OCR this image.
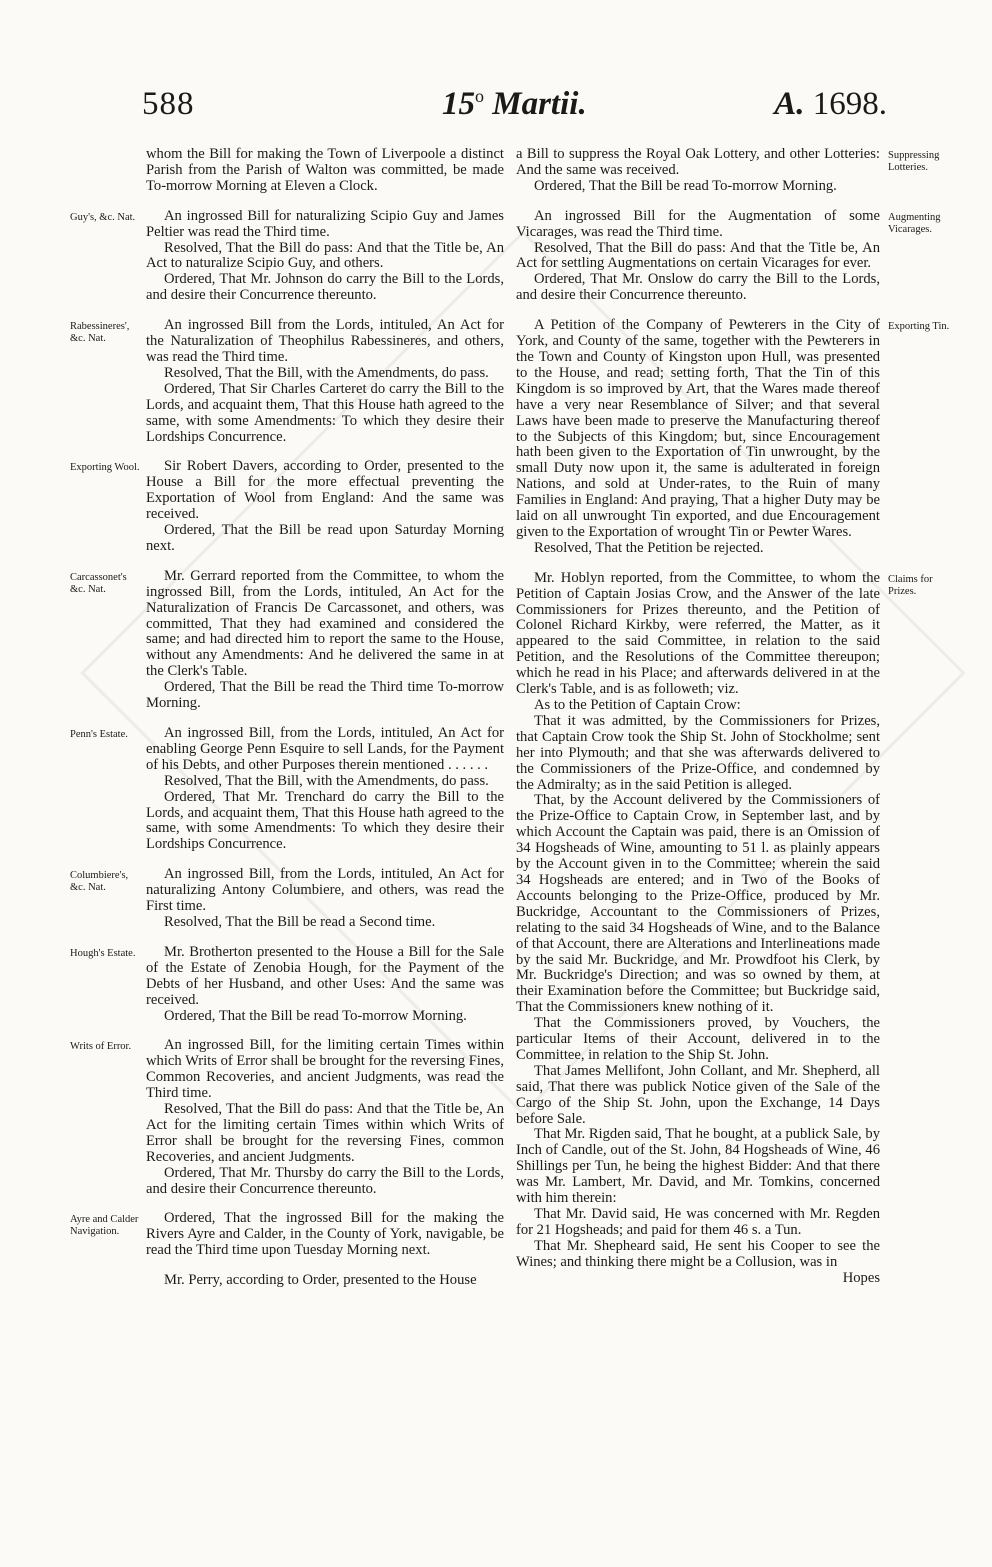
588	15$^o$ Martii.	A. 1698.

whom the Bill for making the Town of Liverpoole a distinct Parish from the Parish of Walton was committed, be made To-morrow Morning at Eleven a Clock.

Guy's, &c. Nat.	An ingrossed Bill for naturalizing Scipio Guy and James Peltier was read the Third time.

Resolved, That the Bill do pass: And that the Title be, An Act to naturalize Scipio Guy, and others.

Ordered, That Mr. Johnson do carry the Bill to the Lords, and desire their Concurrence thereunto.

Rabessineres', &c. Nat.

An ingrossed Bill from the Lords, intituled, An Act for the Naturalization of Theophilus Rabessineres, and others, was read the Third time.

Resolved, That the Bill, with the Amendments, do pass.

Ordered, That Sir Charles Carteret do carry the Bill to the Lords, and acquaint them, That this House hath agreed to the same, with some Amendments: To which they desire their Lordships Concurrence.

Exporting Wool.	Sir Robert Davers, according to Order, presented to the House a Bill for the more effectual preventing the Exportation of Wool from England: And the same was received.

Ordered, That the Bill be read upon Saturday Morning next.

Carcassonet's &c. Nat.

Mr. Gerrard reported from the Committee, to whom the ingrossed Bill, from the Lords, intituled, An Act for the Naturalization of Francis De Carcassonet, and others, was committed, That they had examined and considered the same; and had directed him to report the same to the House, without any Amendments: And he delivered the same in at the Clerk's Table.

Ordered, That the Bill be read the Third time To-morrow Morning.

Penn's Estate.	An ingrossed Bill, from the Lords, intituled, An Act for enabling George Penn Esquire to sell Lands, for the Payment of his Debts, and other Purposes therein mentioned . . . . . .

Resolved, That the Bill, with the Amendments, do pass.

Ordered, That Mr. Trenchard do carry the Bill to the Lords, and acquaint them, That this House hath agreed to the same, with some Amendments: To which they desire their Lordships Concurrence.

Columbiere's, &c. Nat.

An ingrossed Bill, from the Lords, intituled, An Act for naturalizing Antony Columbiere, and others, was read the First time.

Resolved, That the Bill be read a Second time.

Hough's Estate.	Mr. Brotherton presented to the House a Bill for the Sale of the Estate of Zenobia Hough, for the Payment of the Debts of her Husband, and other Uses: And the same was received.

Ordered, That the Bill be read To-morrow Morning.

Writs of Error.	An ingrossed Bill, for the limiting certain Times within which Writs of Error shall be brought for the reversing Fines, Common Recoveries, and ancient Judgments, was read the Third time.

Resolved, That the Bill do pass: And that the Title be, An Act for the limiting certain Times within which Writs of Error shall be brought for the reversing Fines, common Recoveries, and ancient Judgments.

Ordered, That Mr. Thursby do carry the Bill to the Lords, and desire their Concurrence thereunto.

Ayre and Calder Navigation.

Ordered, That the ingrossed Bill for the making the Rivers Ayre and Calder, in the County of York, navigable, be read the Third time upon Tuesday Morning next.

Mr. Perry, according to Order, presented to the House

Suppressing Lotteries.

a Bill to suppress the Royal Oak Lottery, and other Lotteries: And the same was received.

Ordered, That the Bill be read To-morrow Morning.

Augmenting Vicarages.

An ingrossed Bill for the Augmentation of some Vicarages, was read the Third time.

Resolved, That the Bill do pass: And that the Title be, An Act for settling Augmentations on certain Vicarages for ever.

Ordered, That Mr. Onslow do carry the Bill to the Lords, and desire their Concurrence thereunto.

Exporting Tin.

A Petition of the Company of Pewterers in the City of York, and County of the same, together with the Pewterers in the Town and County of Kingston upon Hull, was presented to the House, and read; setting forth, That the Tin of this Kingdom is so improved by Art, that the Wares made thereof have a very near Resemblance of Silver; and that several Laws have been made to preserve the Manufacturing thereof to the Subjects of this Kingdom; but, since Encouragement hath been given to the Exportation of Tin unwrought, by the small Duty now upon it, the same is adulterated in foreign Nations, and sold at Under-rates, to the Ruin of many Families in England: And praying, That a higher Duty may be laid on all unwrought Tin exported, and due Encouragement given to the Exportation of wrought Tin or Pewter Wares.

Resolved, That the Petition be rejected.

Claims for Prizes.

Mr. Hoblyn reported, from the Committee, to whom the Petition of Captain Josias Crow, and the Answer of the late Commissioners for Prizes thereunto, and the Petition of Colonel Richard Kirkby, were referred, the Matter, as it appeared to the said Committee, in relation to the said Petition, and the Resolutions of the Committee thereupon; which he read in his Place; and afterwards delivered in at the Clerk's Table, and is as followeth; viz.

As to the Petition of Captain Crow:

That it was admitted, by the Commissioners for Prizes, that Captain Crow took the Ship St. John of Stockholme; sent her into Plymouth; and that she was afterwards delivered to the Commissioners of the Prize-Office, and condemned by the Admiralty; as in the said Petition is alleged.

That, by the Account delivered by the Commissioners of the Prize-Office to Captain Crow, in September last, and by which Account the Captain was paid, there is an Omission of 34 Hogsheads of Wine, amounting to 51 l. as plainly appears by the Account given in to the Committee; wherein the said 34 Hogsheads are entered; and in Two of the Books of Accounts belonging to the Prize-Office, produced by Mr. Buckridge, Accountant to the Commissioners of Prizes, relating to the said 34 Hogsheads of Wine, and to the Balance of that Account, there are Alterations and Interlineations made by the said Mr. Buckridge, and Mr. Prowdfoot his Clerk, by Mr. Buckridge's Direction; and was so owned by them, at their Examination before the Committee; but Buckridge said, That the Commissioners knew nothing of it.

That the Commissioners proved, by Vouchers, the particular Items of their Account, delivered in to the Committee, in relation to the Ship St. John.

That James Mellifont, John Collant, and Mr. Shepherd, all said, That there was publick Notice given of the Sale of the Cargo of the Ship St. John, upon the Exchange, 14 Days before Sale.

That Mr. Rigden said, That he bought, at a publick Sale, by Inch of Candle, out of the St. John, 84 Hogsheads of Wine, 46 Shillings per Tun, he being the highest Bidder: And that there was Mr. Lambert, Mr. David, and Mr. Tomkins, concerned with him therein:

That Mr. David said, He was concerned with Mr. Regden for 21 Hogsheads; and paid for them 46 s. a Tun.

That Mr. Shepheard said, He sent his Cooper to see the Wines; and thinking there might be a Collusion, was in

Hopes
